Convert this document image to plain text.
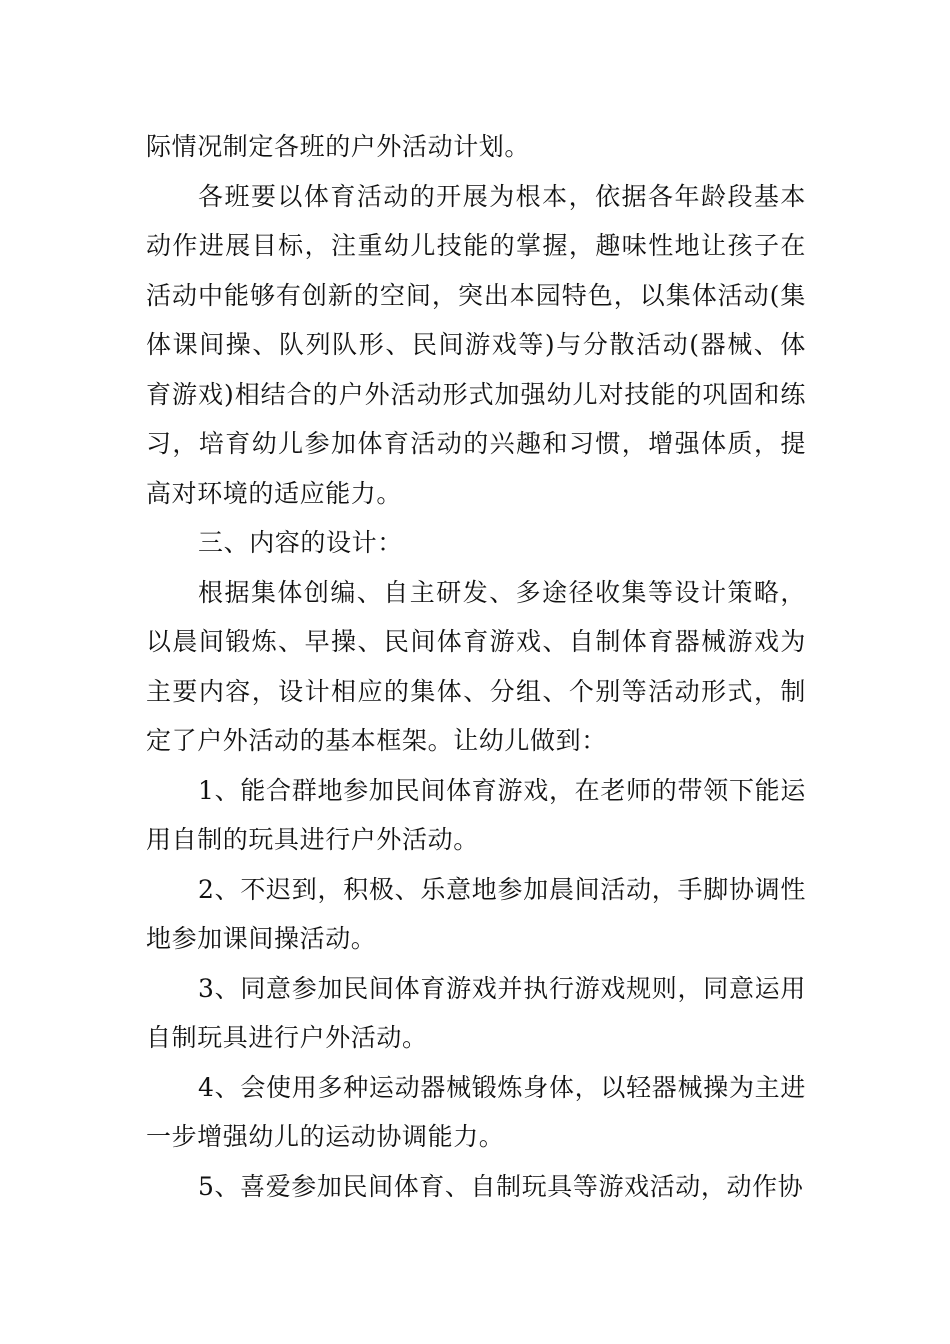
际情况制定各班的户外活动计划。

各班要以体育活动的开展为根本，依据各年龄段基本动作进展目标，注重幼儿技能的掌握，趣味性地让孩子在活动中能够有创新的空间，突出本园特色，以集体活动(集体课间操、队列队形、民间游戏等)与分散活动(器械、体育游戏)相结合的户外活动形式加强幼儿对技能的巩固和练习，培育幼儿参加体育活动的兴趣和习惯，增强体质，提高对环境的适应能力。

三、内容的设计：

根据集体创编、自主研发、多途径收集等设计策略，以晨间锻炼、早操、民间体育游戏、自制体育器械游戏为主要内容，设计相应的集体、分组、个别等活动形式，制定了户外活动的基本框架。让幼儿做到：

1、能合群地参加民间体育游戏，在老师的带领下能运用自制的玩具进行户外活动。

2、不迟到，积极、乐意地参加晨间活动，手脚协调性地参加课间操活动。

3、同意参加民间体育游戏并执行游戏规则，同意运用自制玩具进行户外活动。

4、会使用多种运动器械锻炼身体，以轻器械操为主进一步增强幼儿的运动协调能力。

5、喜爱参加民间体育、自制玩具等游戏活动，动作协
